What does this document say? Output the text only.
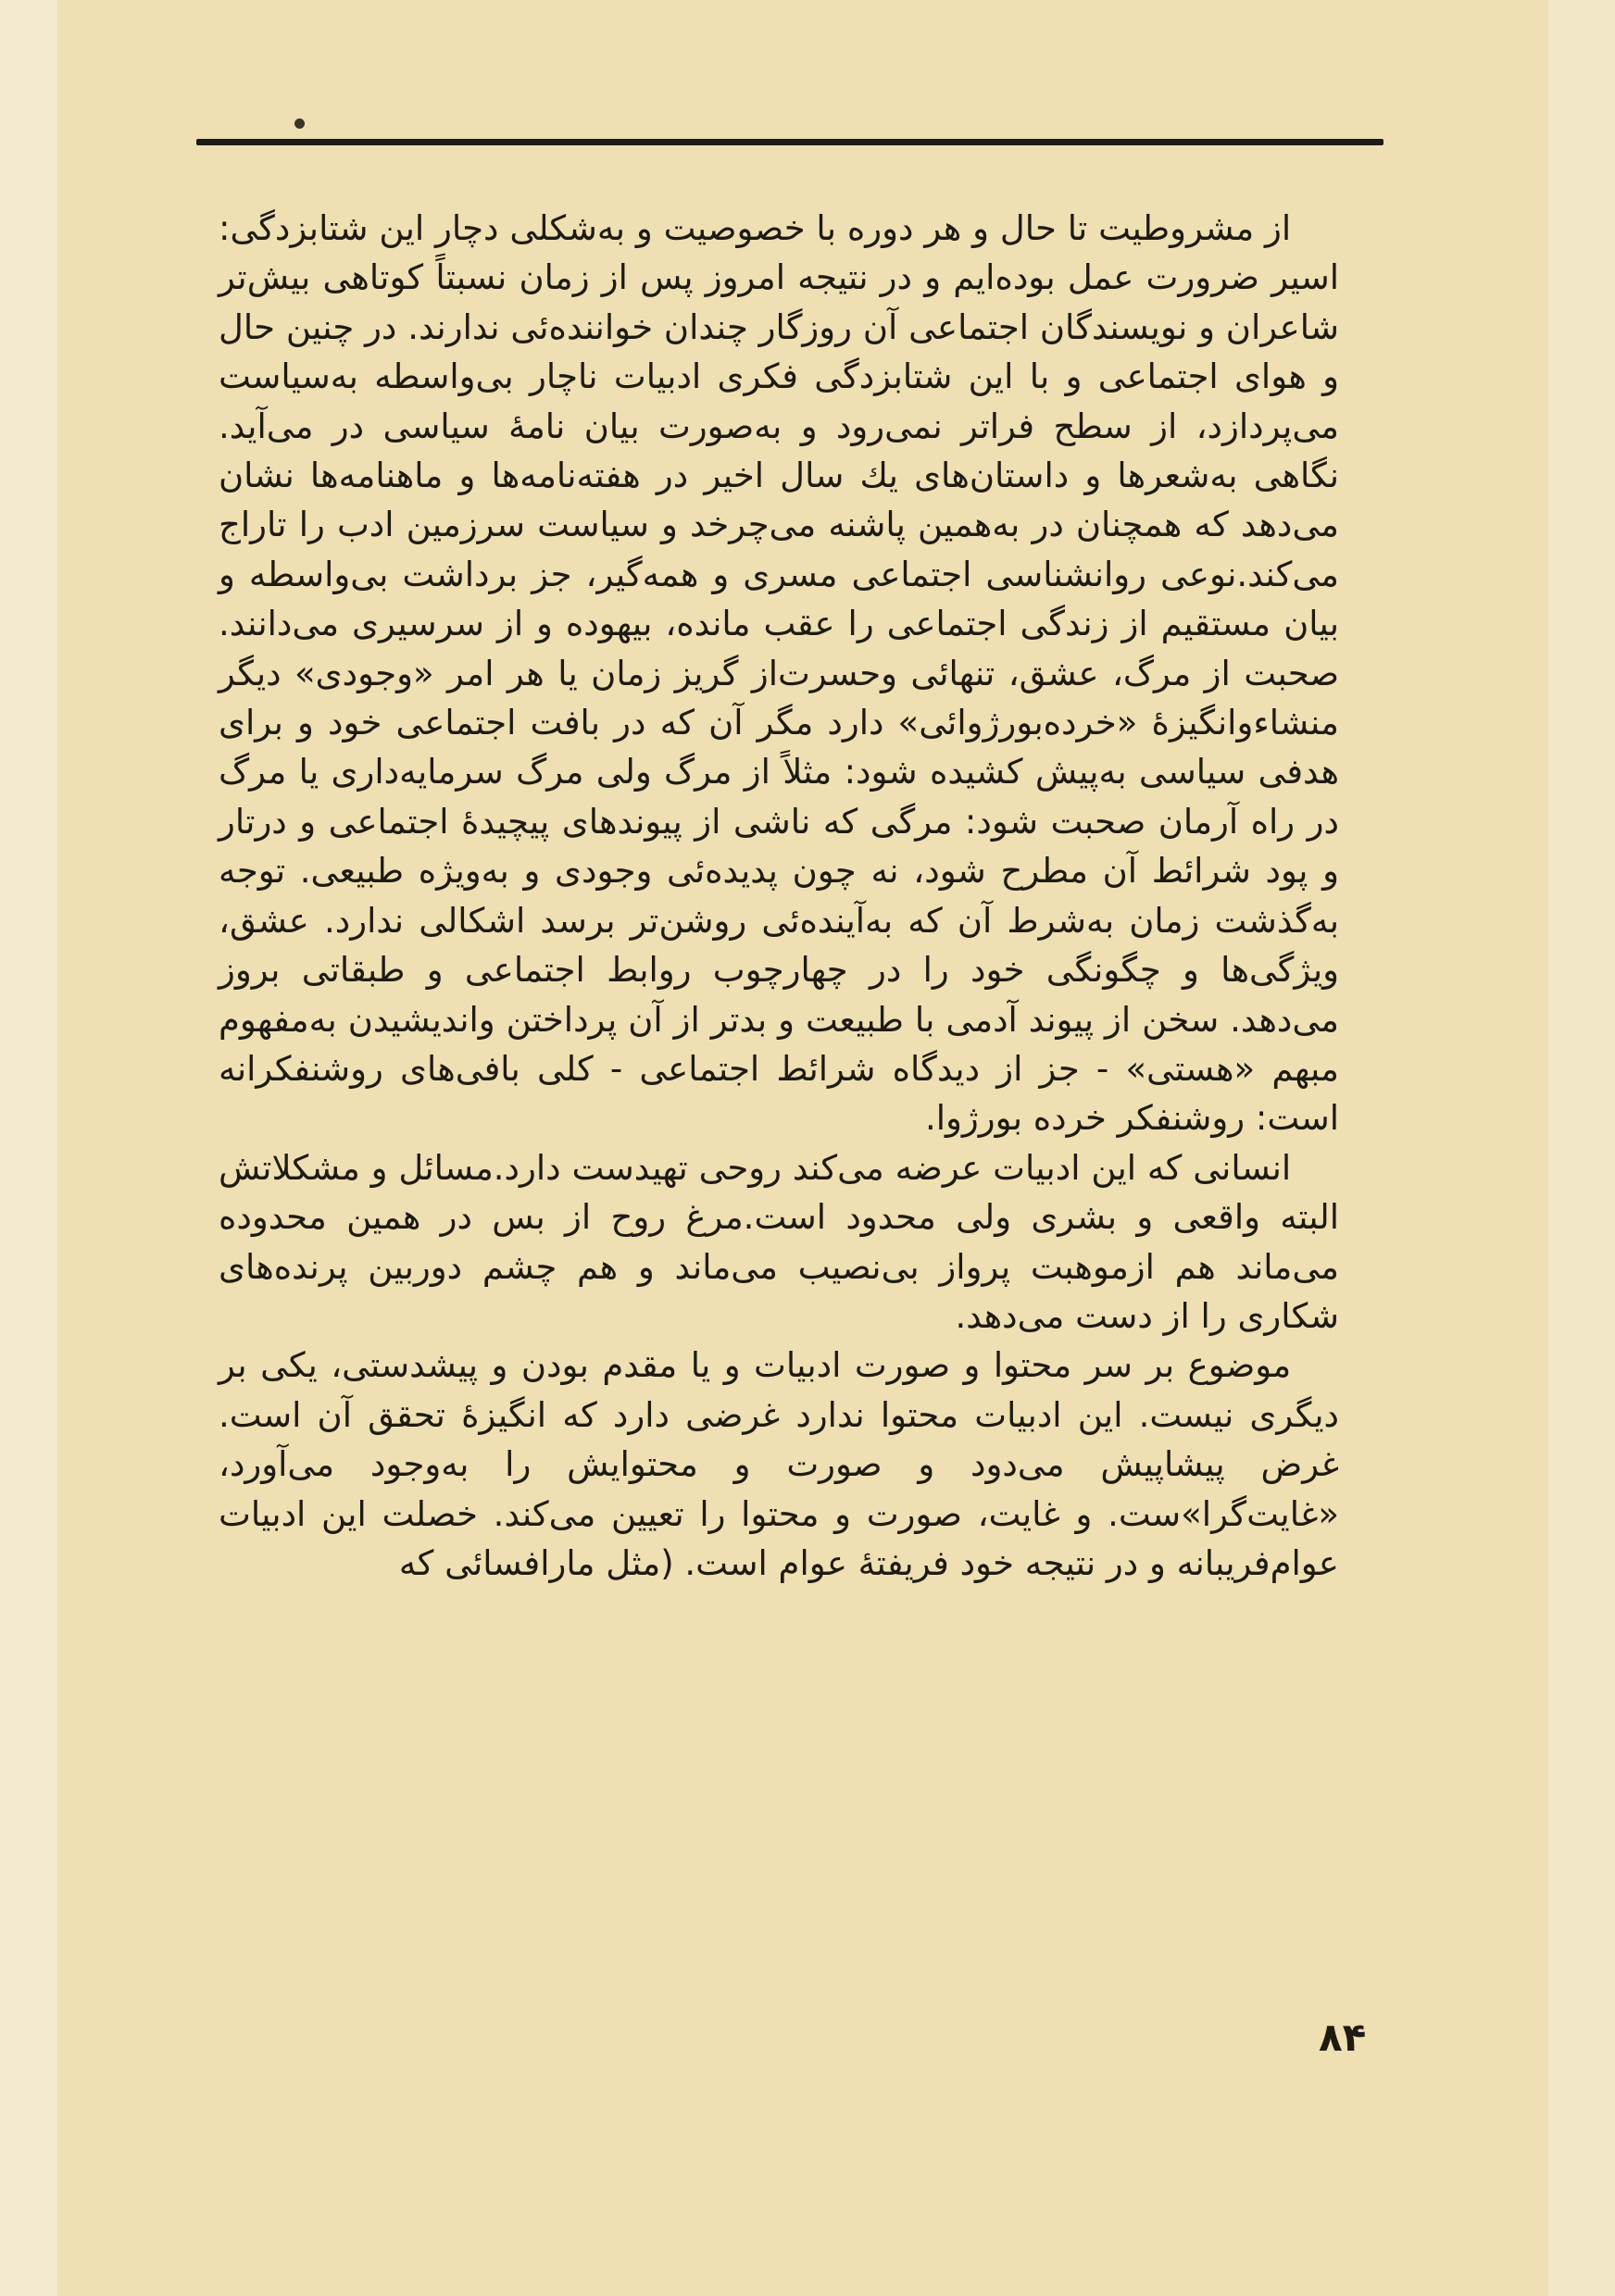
از مشروطیت تا حال و هر دوره با خصوصیت و به‌شکلی دچار این شتابزدگی: اسیر ضرورت عمل بوده‌ایم و در نتیجه امروز پس از زمان نسبتاً کوتاهی بیش‌تر شاعران و نویسندگان اجتماعی آن روزگار چندان خواننده‌ئی ندارند. در چنین حال و هوای اجتماعی و با این شتابزدگی فکری ادبیات ناچار بی‌واسطه به‌سیاست می‌پردازد، از سطح فراتر نمی‌رود و به‌صورت بیان نامهٔ سیاسی در می‌آید. نگاهی به‌شعرها و داستان‌های یك سال اخیر در هفته‌نامه‌ها و ماهنامه‌ها نشان می‌دهد که همچنان در به‌همین پاشنه می‌چرخد و سیاست سرزمین ادب را تاراج می‌کند.نوعی روانشناسی اجتماعی مسری و همه‌گیر، جز برداشت بی‌واسطه و بیان مستقیم از زندگی اجتماعی را عقب مانده، بیهوده و از سرسیری می‌دانند. صحبت از مرگ، عشق، تنهائی وحسرت‌از گریز زمان یا هر امر «وجودی» دیگر منشاءوانگیزهٔ «خرده‌بورژوائی» دارد مگر آن که در بافت اجتماعی خود و برای هدفی سیاسی به‌پیش کشیده شود: مثلاً از مرگ ولی مرگ سرمایه‌داری یا مرگ در راه آرمان صحبت شود: مرگی که ناشی از پیوندهای پیچیدهٔ اجتماعی و درتار و پود شرائط آن مطرح شود، نه چون پدیده‌ئی وجودی و به‌ویژه طبیعی. توجه به‌گذشت زمان به‌شرط آن که به‌آینده‌ئی روشن‌تر برسد اشکالی ندارد. عشق، ویژگی‌ها و چگونگی خود را در چهارچوب روابط اجتماعی و طبقاتی بروز می‌دهد. سخن از پیوند آدمی با طبیعت و بدتر از آن پرداختن واندیشیدن به‌مفهوم مبهم «هستی» - جز از دیدگاه شرائط اجتماعی - کلی بافی‌های روشنفکرانه است: روشنفکر خرده بورژوا.

انسانی که این ادبیات عرضه می‌کند روحی تهیدست دارد.مسائل و مشکلاتش البته واقعی و بشری ولی محدود است.مرغ روح از بس در همین محدوده می‌ماند هم ازموهبت پرواز بی‌نصیب می‌ماند و هم چشم دوربین پرنده‌های شکاری را از دست می‌دهد.

موضوع بر سر محتوا و صورت ادبیات و یا مقدم بودن و پیشدستی، یکی بر دیگری نیست. این ادبیات محتوا ندارد غرضی دارد که انگیزهٔ تحقق آن است. غرض پیشاپیش می‌دود و صورت و محتوایش را به‌وجود می‌آورد، «غایت‌گرا»ست. و غایت، صورت و محتوا را تعیین می‌کند. خصلت این ادبیات عوام‌فریبانه و در نتیجه خود فریفتهٔ عوام است. (مثل مارافسائی که

۸۴
